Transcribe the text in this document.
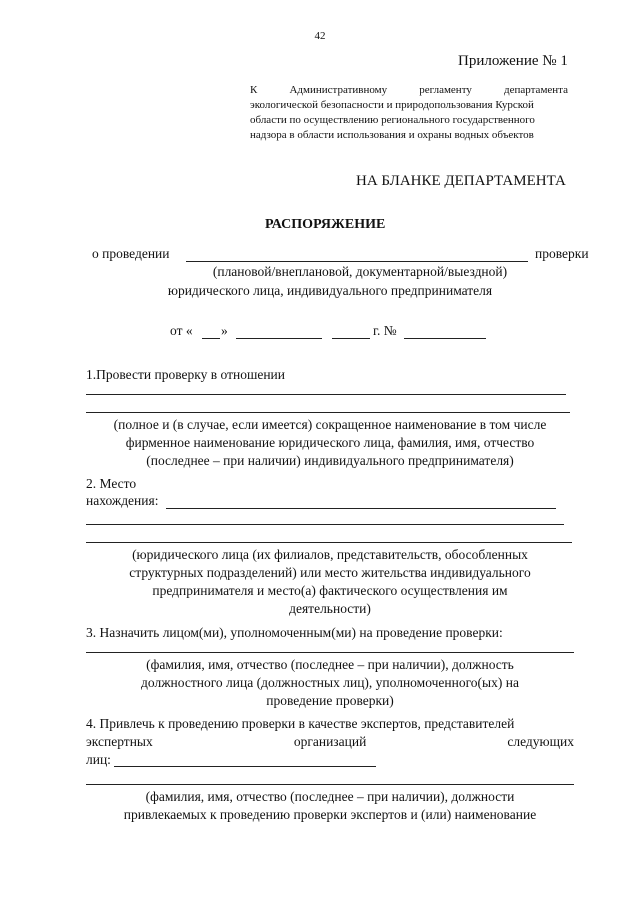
42
Приложение № 1
К Административному регламенту департамента
экологической безопасности и природопользования Курской
области по осуществлению регионального государственного
надзора в области использования и охраны водных объектов
НА БЛАНКЕ ДЕПАРТАМЕНТА
РАСПОРЯЖЕНИЕ
о проведении	проверки
(плановой/внеплановой, документарной/выездной)
юридического лица, индивидуального предпринимателя
от « »	г. №
1.Провести проверку в отношении
(полное и (в случае, если имеется) сокращенное наименование в том числе
фирменное наименование юридического лица, фамилия, имя, отчество
(последнее – при наличии) индивидуального предпринимателя)
2. Место
нахождения:
(юридического лица (их филиалов, представительств, обособленных
структурных подразделений) или место жительства индивидуального
предпринимателя и место(а) фактического осуществления им
деятельности)
3. Назначить лицом(ми), уполномоченным(ми) на проведение проверки:
(фамилия, имя, отчество (последнее – при наличии), должность
должностного лица (должностных лиц), уполномоченного(ых) на
проведение проверки)
4. Привлечь к проведению проверки в качестве экспертов, представителей
экспертных организаций следующих
лиц:
(фамилия, имя, отчество (последнее – при наличии), должности
привлекаемых к проведению проверки экспертов и (или) наименование
